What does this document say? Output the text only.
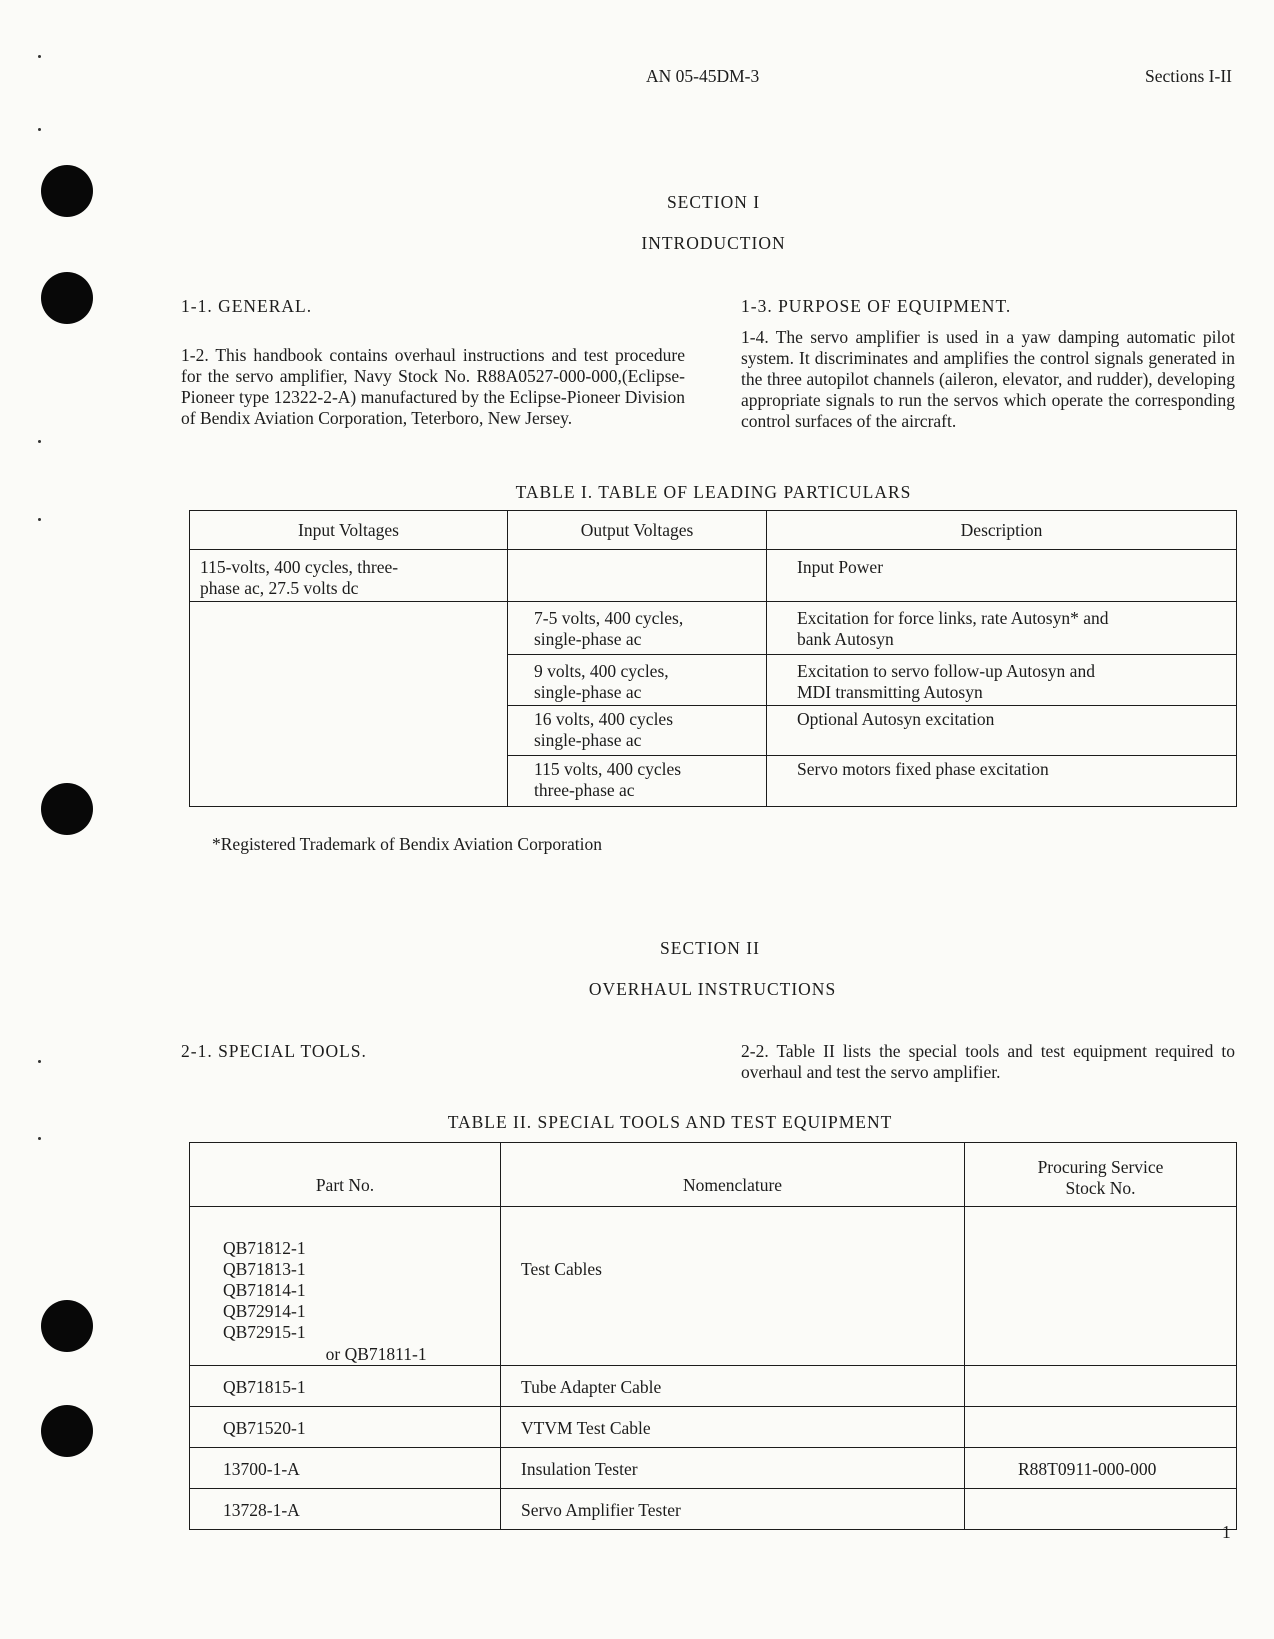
AN 05-45DM-3	Sections I-II
SECTION I
INTRODUCTION
1-1. GENERAL.

1-2. This handbook contains overhaul instructions and test procedure for the servo amplifier, Navy Stock No. R88A0527-000-000,(Eclipse-Pioneer type 12322-2-A) manufactured by the Eclipse-Pioneer Division of Bendix Aviation Corporation, Teterboro, New Jersey.

1-3. PURPOSE OF EQUIPMENT.

1-4. The servo amplifier is used in a yaw damping automatic pilot system. It discriminates and amplifies the control signals generated in the three autopilot channels (aileron, elevator, and rudder), developing appropriate signals to run the servos which operate the corresponding control surfaces of the aircraft.

TABLE I. TABLE OF LEADING PARTICULARS
Input Voltages	Output Voltages	Description
115-volts, 400 cycles, three-
phase ac, 27.5 volts dc		Input Power
	7-5 volts, 400 cycles,
single-phase ac	Excitation for force links, rate Autosyn* and
bank Autosyn
	9 volts, 400 cycles,
single-phase ac	Excitation to servo follow-up Autosyn and
MDI transmitting Autosyn
	16 volts, 400 cycles
single-phase ac	Optional Autosyn excitation
	115 volts, 400 cycles
three-phase ac	Servo motors fixed phase excitation
*Registered Trademark of Bendix Aviation Corporation
SECTION II
OVERHAUL INSTRUCTIONS
2-1. SPECIAL TOOLS.	2-2. Table II lists the special tools and test equipment required to overhaul and test the servo amplifier.

TABLE II. SPECIAL TOOLS AND TEST EQUIPMENT
Part No.	Nomenclature	Procuring Service
Stock No.

QB71812-1
QB71813-1
QB71814-1
QB72914-1
QB72915-1or QB71811-1	Test Cables	
QB71815-1	Tube Adapter Cable	
QB71520-1	VTVM Test Cable	
13700-1-A	Insulation Tester	R88T0911-000-000
13728-1-A	Servo Amplifier Tester	
1
